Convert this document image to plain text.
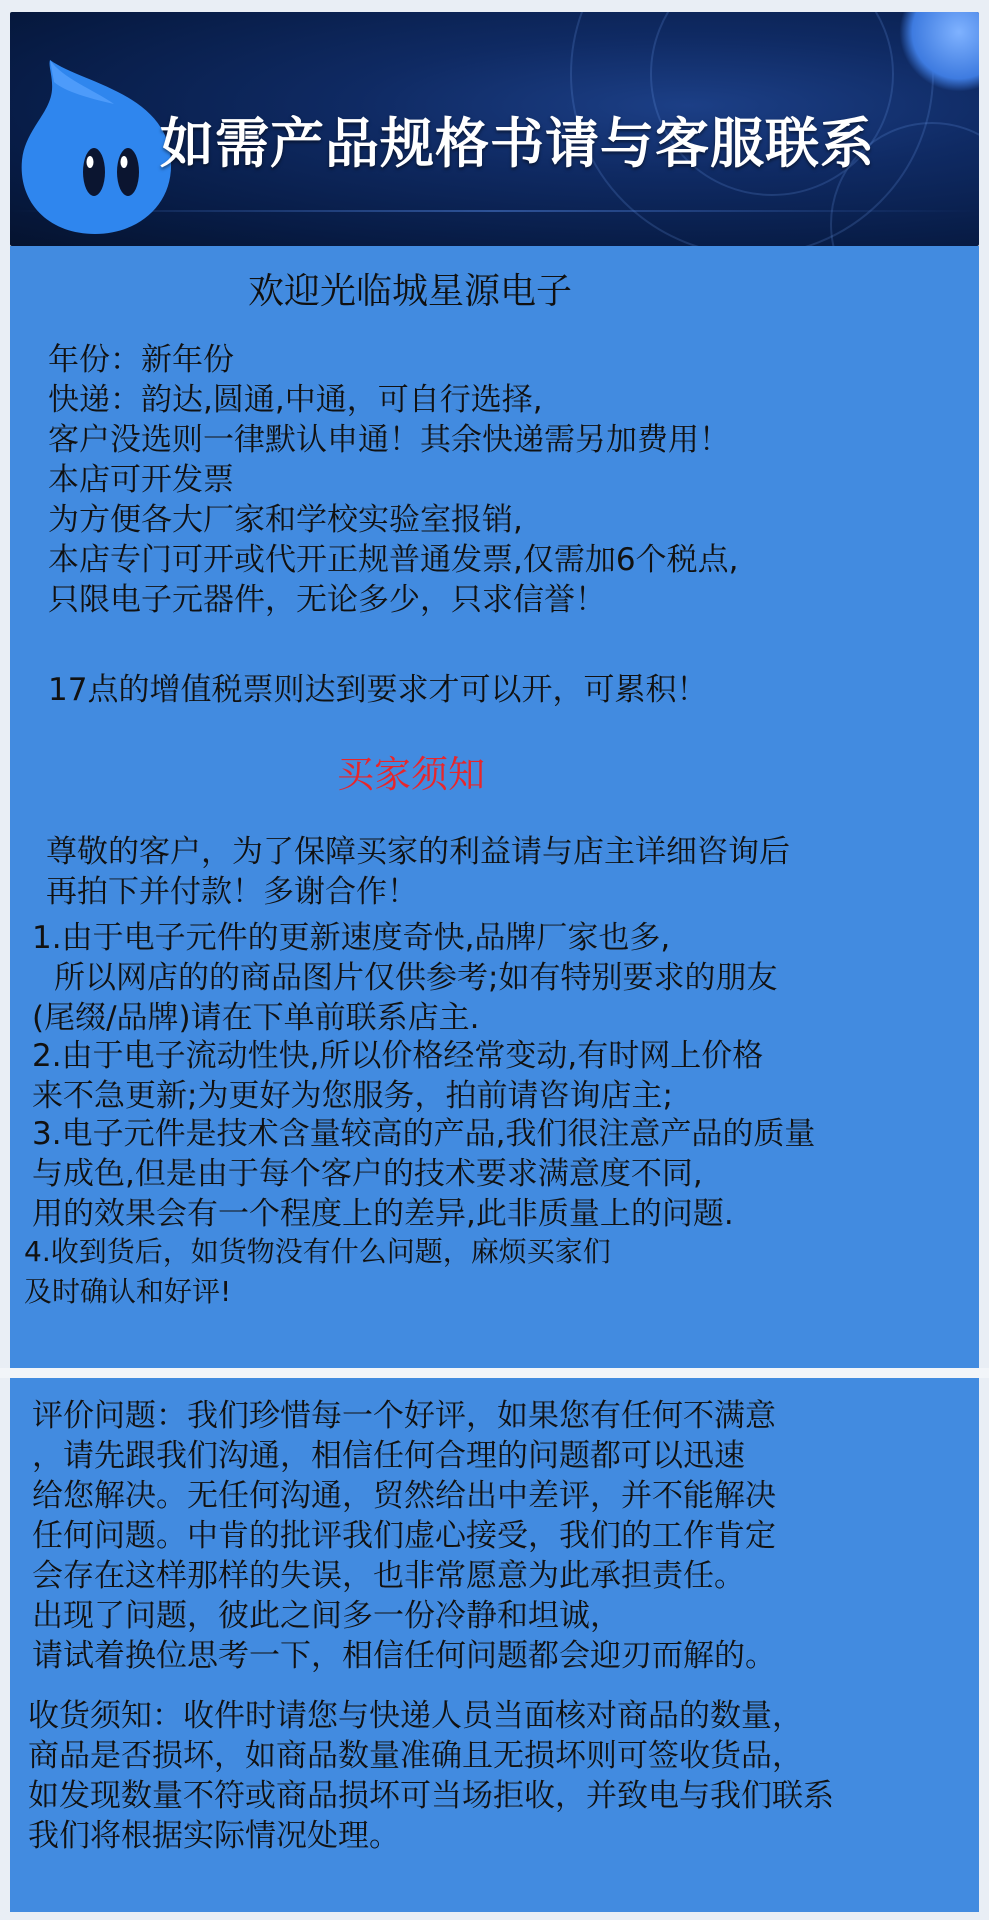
如需产品规格书请与客服联系
欢迎光临城星源电子
年份：新年份
快递：韵达,圆通,中通，可自行选择,
客户没选则一律默认申通！其余快递需另加费用！
本店可开发票
为方便各大厂家和学校实验室报销,
本店专门可开或代开正规普通发票,仅需加6个税点,
只限电子元器件，无论多少，只求信誉！
17点的增值税票则达到要求才可以开，可累积！
买家须知
尊敬的客户，为了保障买家的利益请与店主详细咨询后
再拍下并付款！多谢合作！
1.由于电子元件的更新速度奇快,品牌厂家也多,
所以网店的的商品图片仅供参考;如有特别要求的朋友
(尾缀/品牌)请在下单前联系店主.
2.由于电子流动性快,所以价格经常变动,有时网上价格
来不急更新;为更好为您服务，拍前请咨询店主;
3.电子元件是技术含量较高的产品,我们很注意产品的质量
与成色,但是由于每个客户的技术要求满意度不同,
用的效果会有一个程度上的差异,此非质量上的问题.
4.收到货后，如货物没有什么问题，麻烦买家们
及时确认和好评!
评价问题：我们珍惜每一个好评，如果您有任何不满意
，请先跟我们沟通，相信任何合理的问题都可以迅速
给您解决。无任何沟通，贸然给出中差评，并不能解决
任何问题。中肯的批评我们虚心接受，我们的工作肯定
会存在这样那样的失误，也非常愿意为此承担责任。
出现了问题，彼此之间多一份冷静和坦诚，
请试着换位思考一下，相信任何问题都会迎刃而解的。
收货须知：收件时请您与快递人员当面核对商品的数量，
商品是否损坏，如商品数量准确且无损坏则可签收货品，
如发现数量不符或商品损坏可当场拒收，并致电与我们联系
我们将根据实际情况处理。
